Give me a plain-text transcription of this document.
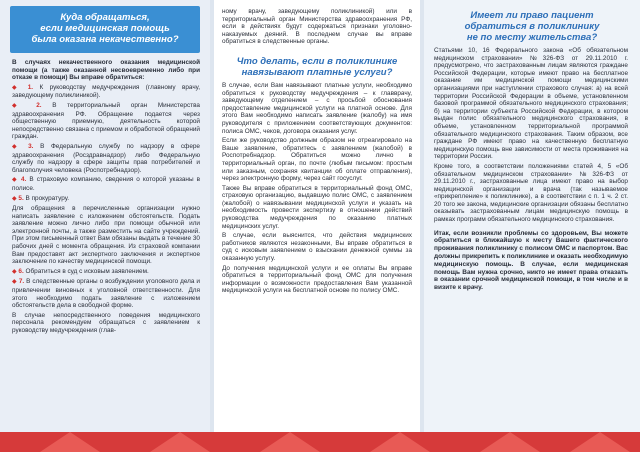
Куда обращаться,
если медицинская помощь
была оказана некачественно?

В случаях некачественного оказания медицинской помощи (а также оказанной несвоевременно либо при отказе в помощи) Вы вправе обратиться:

◆ 1. К руководству медучреждения (главному врачу, заведующему поликлиникой).

◆ 2. В территориальный орган Министерства здравоохранения РФ. Обращение подается через общественную приемную, деятельность которой непосредственно связана с приемом и обработкой обращений граждан.

◆ 3. В Федеральную службу по надзору в сфере здравоохранения (Росздравнадзор) либо Федеральную службу по надзору в сфере защиты прав потребителей и благополучия человека (Роспотребнадзор).

◆ 4. В страховую компанию, сведения о которой указаны в полисе.

◆ 5. В прокуратуру.

Для обращения в перечисленные организации нужно написать заявление с изложением обстоятельств. Подать заявление можно лично либо при помощи обычной или электронной почты, а также разместить на сайте учреждений. При этом письменный ответ Вам обязаны выдать в течение 30 рабочих дней с момента обращения. Из страховой компании Вам предоставят акт экспертного заключения и экспертное заключение по качеству медицинской помощи.

◆ 6. Обратиться в суд с исковым заявлением.

◆ 7. В следственные органы о возбуждении уголовного дела и привлечении виновных к уголовной ответственности. Для этого необходимо подать заявление с изложением обстоятельств дела в свободной форме.

В случае непосредственного поведения медицинского персонала рекомендуем обращаться с заявлением к руководству медучреждения (глав-

ному врачу, заведующему поликлиникой) или в территориальный орган Министерства здравоохранения РФ, если в действиях будут содержаться признаки уголовно-наказуемых деяний. В последнем случае вы вправе обратиться в следственные органы.

Что делать, если в поликлинике
навязывают платные услуги?

В случае, если Вам навязывают платные услуги, необходимо обратиться к руководству медучреждения – к главврачу, заведующему отделением – с просьбой обоснования предоставление медицинской услуги на платной основе. Для этого Вам необходимо написать заявление (жалобу) на имя руководителя с приложением соответствующих документов: полиса ОМС, чеков, договора оказания услуг.

Если же руководство должным образом не отреагировало на Ваше заявление, обратитесь с заявлением (жалобой) в Роспотребнадзор. Обратиться можно лично в территориальный орган, по почте (любым письмом: простым или заказным, сохраняя квитанции об оплате отправления), через электронную форму, через сайт госуслуг.

Также Вы вправе обратиться в территориальный фонд ОМС, страховую организацию, выдавшую полис ОМС, с заявлением (жалобой) о навязывании медицинской услуги и указать на необходимость провести экспертизу в отношении действий руководства медучреждения по оказанию платных медицинских услуг.

В случае, если выяснится, что действия медицинских работников являются незаконными, Вы вправе обратиться в суд с исковым заявлением о взыскании денежной суммы за оказанную услугу.

До получения медицинской услуги и ее оплаты Вы вправе обратиться в территориальный фонд ОМС для получения информации о возможности предоставления Вам указанной медицинской услуги на бесплатной основе по полису ОМС.

Имеет ли право пациент
обратиться в поликлинику
не по месту жительства?

Статьями 10, 16 Федерального закона «Об обязательном медицинском страховании» №326-ФЗ от 29.11.2010 г. предусмотрено, что застрахованным лицам являются граждане Российской Федерации, которые имеют право на бесплатное оказание им медицинской помощи медицинскими организациями при наступлении страхового случая: а) на всей территории Российской Федерации в объеме, установленном базовой программой обязательного медицинского страхования; б) на территории субъекта Российской Федерации, в котором выдан полис обязательного медицинского страхования, в объеме, установленном территориальной программой обязательного медицинского страхования. Таким образом, все граждане РФ имеют право на качественную бесплатную медицинскую помощь вне зависимости от места проживания на территории России.

Кроме того, в соответствии положениями статей 4, 5 «Об обязательном медицинском страховании» №326-ФЗ от 29.11.2010 г., застрахованные лица имеют право на выбор медицинской организации и врача (так называемое «прикрепление» к поликлинике), а в соответствии с п. 1 ч. 2 ст. 20 того же закона, медицинские организации обязаны бесплатно оказывать застрахованным лицам медицинскую помощь в рамках программ обязательного медицинского страхования.

Итак, если возникли проблемы со здоровьем, Вы можете обратиться в ближайшую к месту Вашего фактического проживания поликлинику с полисом ОМС и паспортом. Вас должны прикрепить к поликлинике и оказать необходимую медицинскую помощь. В случае, если медицинская помощь Вам нужна срочно, никто не имеет права отказать в оказании срочной медицинской помощи, в том числе и в визите к врачу.
